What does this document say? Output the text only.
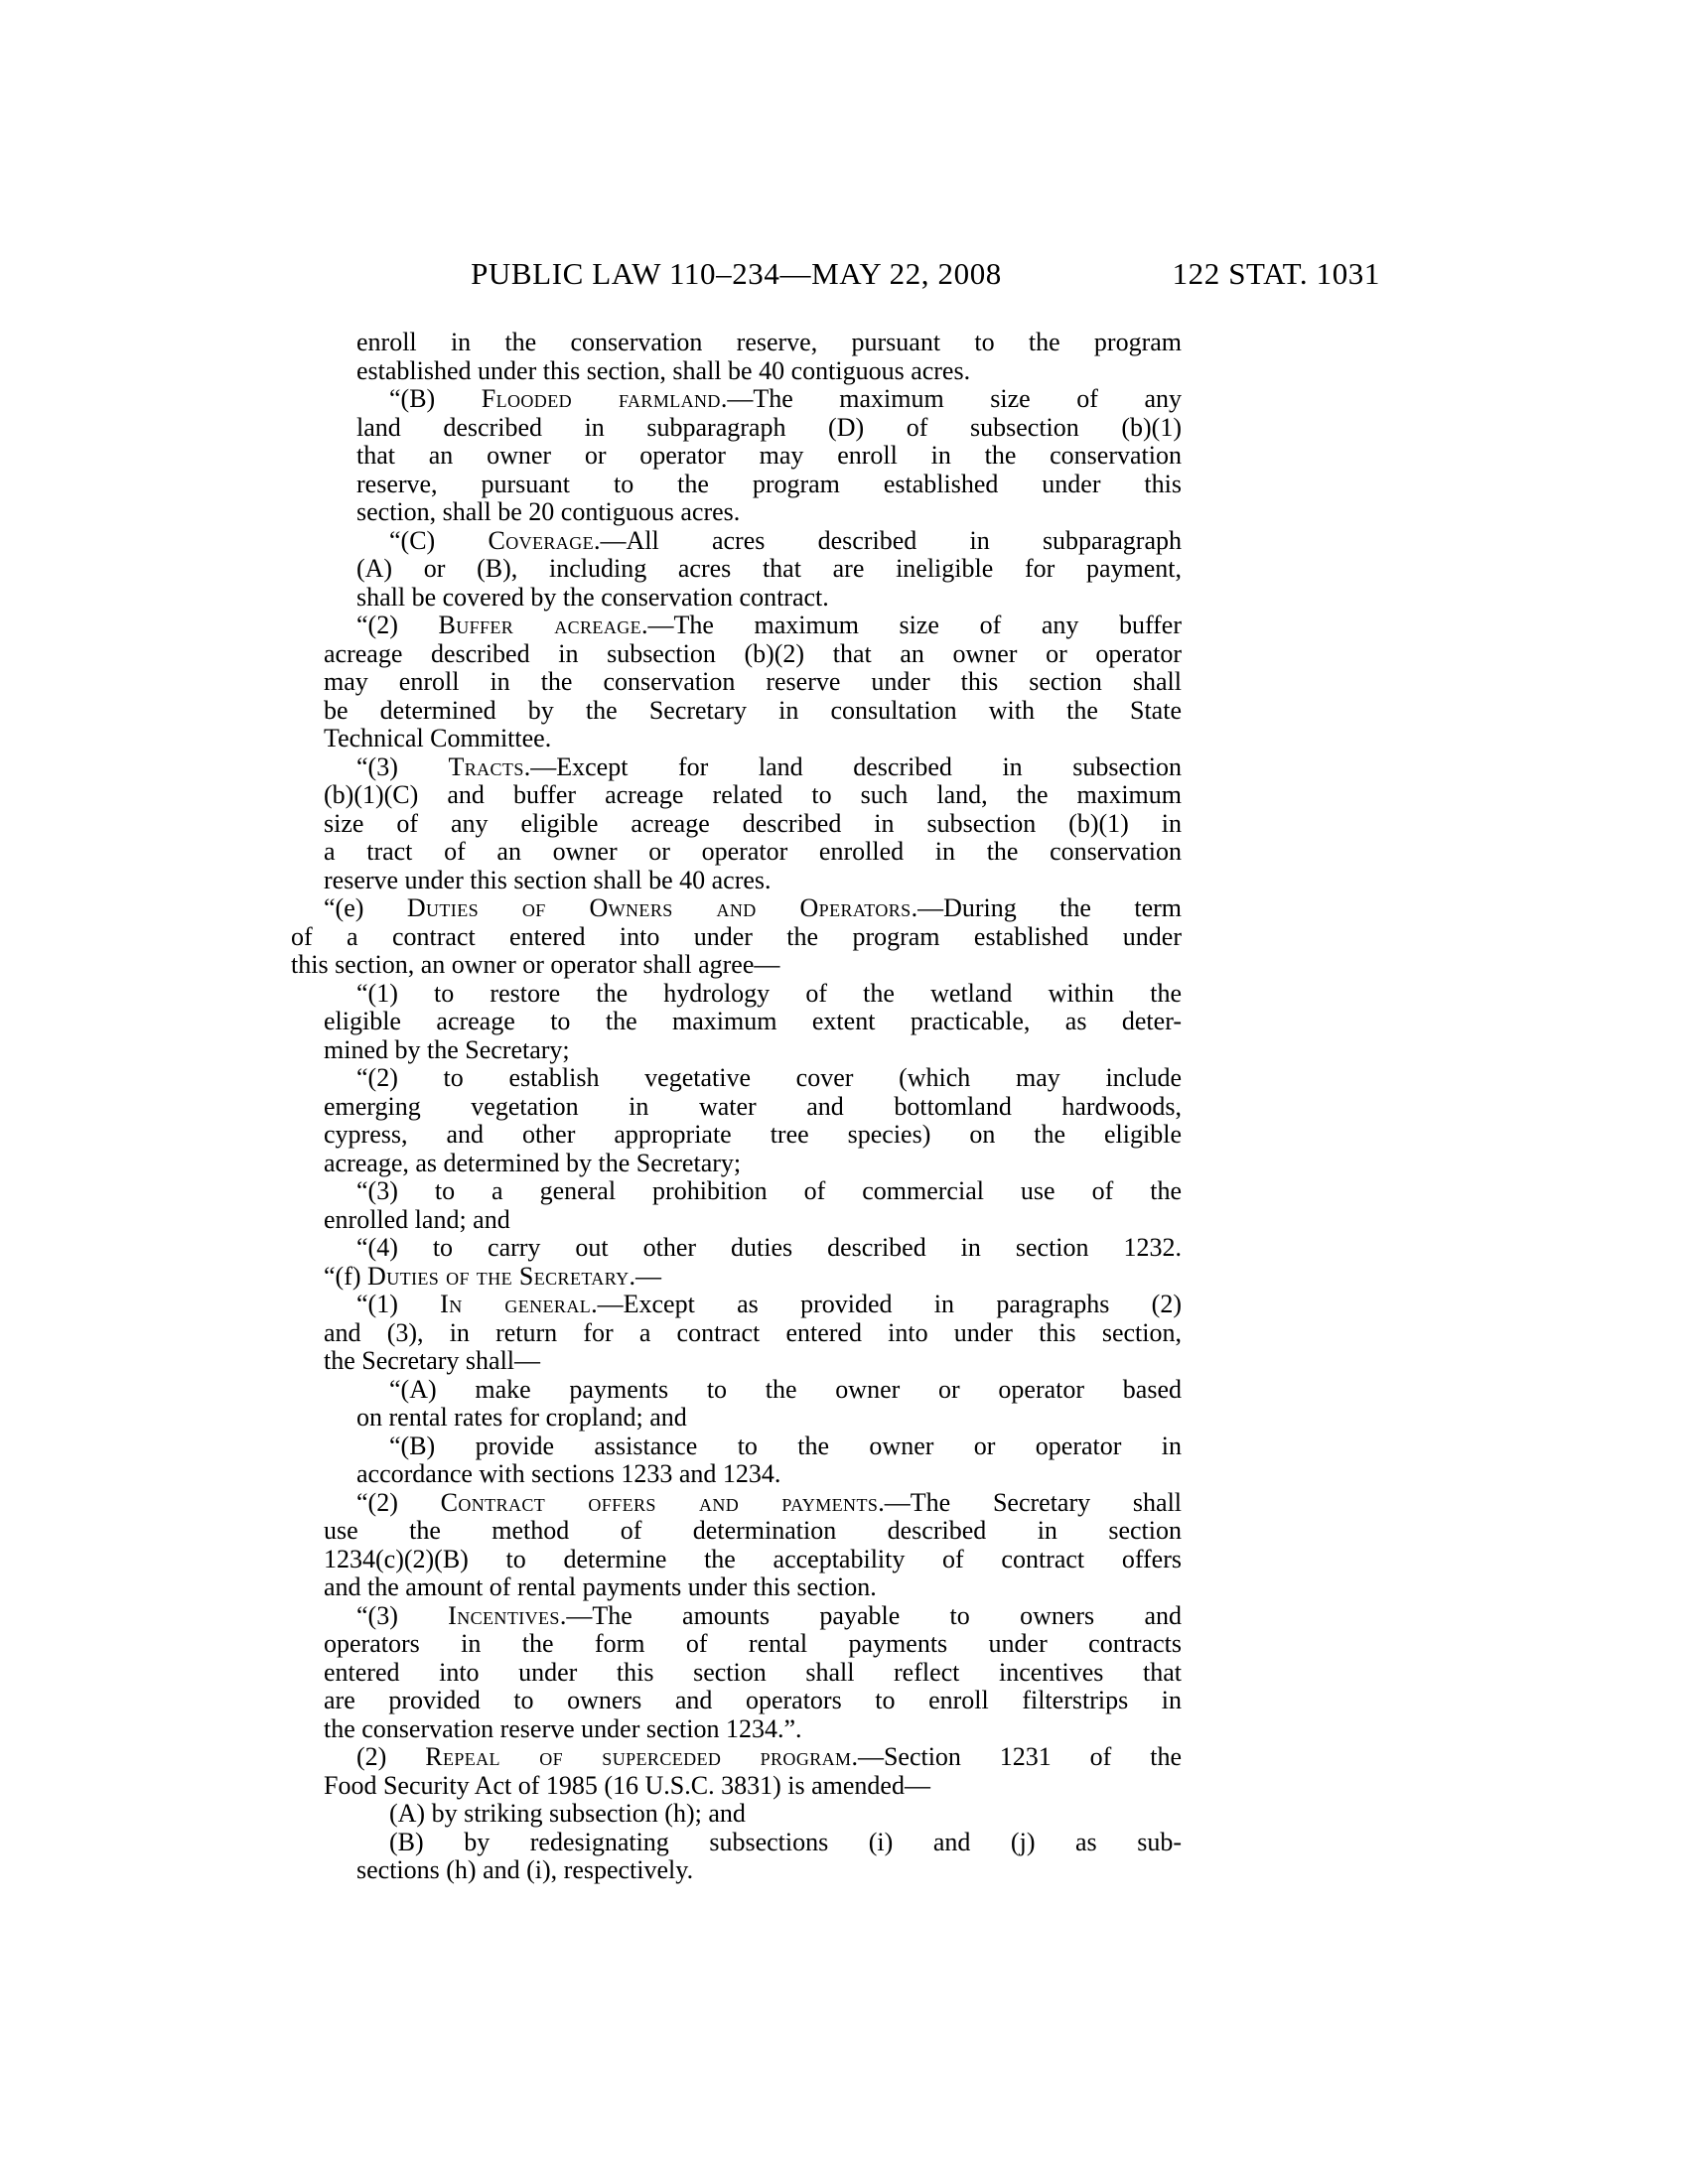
PUBLIC LAW 110–234—MAY 22, 2008	122 STAT. 1031
enroll in the conservation reserve, pursuant to the program
established under this section, shall be 40 contiguous acres.
“(B) Flooded farmland.—The maximum size of any
land described in subparagraph (D) of subsection (b)(1)
that an owner or operator may enroll in the conservation
reserve, pursuant to the program established under this
section, shall be 20 contiguous acres.
“(C) Coverage.—All acres described in subparagraph
(A) or (B), including acres that are ineligible for payment,
shall be covered by the conservation contract.
“(2) Buffer acreage.—The maximum size of any buffer
acreage described in subsection (b)(2) that an owner or operator
may enroll in the conservation reserve under this section shall
be determined by the Secretary in consultation with the State
Technical Committee.
“(3) Tracts.—Except for land described in subsection
(b)(1)(C) and buffer acreage related to such land, the maximum
size of any eligible acreage described in subsection (b)(1) in
a tract of an owner or operator enrolled in the conservation
reserve under this section shall be 40 acres.
“(e) Duties of Owners and Operators.—During the term
of a contract entered into under the program established under
this section, an owner or operator shall agree—
“(1) to restore the hydrology of the wetland within the
eligible acreage to the maximum extent practicable, as deter-
mined by the Secretary;
“(2) to establish vegetative cover (which may include
emerging vegetation in water and bottomland hardwoods,
cypress, and other appropriate tree species) on the eligible
acreage, as determined by the Secretary;
“(3) to a general prohibition of commercial use of the
enrolled land; and
“(4) to carry out other duties described in section 1232.
“(f) Duties of the Secretary.—
“(1) In general.—Except as provided in paragraphs (2)
and (3), in return for a contract entered into under this section,
the Secretary shall—
“(A) make payments to the owner or operator based
on rental rates for cropland; and
“(B) provide assistance to the owner or operator in
accordance with sections 1233 and 1234.
“(2) Contract offers and payments.—The Secretary shall
use the method of determination described in section
1234(c)(2)(B) to determine the acceptability of contract offers
and the amount of rental payments under this section.
“(3) Incentives.—The amounts payable to owners and
operators in the form of rental payments under contracts
entered into under this section shall reflect incentives that
are provided to owners and operators to enroll filterstrips in
the conservation reserve under section 1234.”.
(2) Repeal of superceded program.—Section 1231 of the
Food Security Act of 1985 (16 U.S.C. 3831) is amended—
(A) by striking subsection (h); and
(B) by redesignating subsections (i) and (j) as sub-
sections (h) and (i), respectively.
